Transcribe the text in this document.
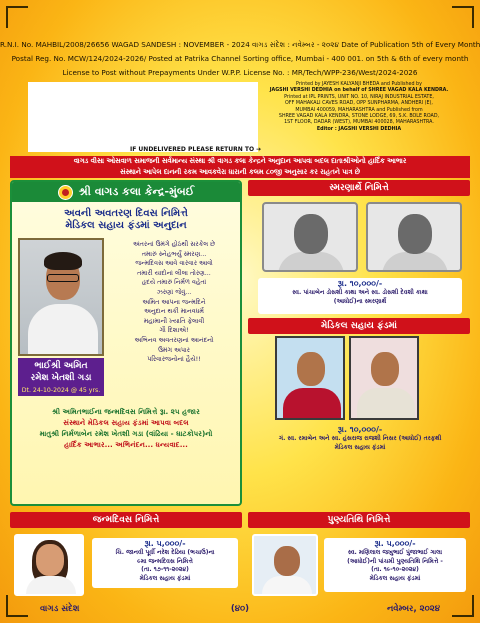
R.N.I. No. MAHBIL/2008/26656 WAGAD SANDESH : NOVEMBER - 2024 વાગડ સંદેશ : નવેમ્બર - ૨૦૨૪ Date of Publication 5th of Every Month
Postal Reg. No. MCW/124/2024-2026/ Posted at Patrika Channel Sorting office, Mumbai - 400 001. on 5th & 6th of every month
License to Post without Prepayments Under W.P.P. License No. : MR/Tech/WPP-236/West/2024-2026
IF UNDELIVERED PLEASE RETURN TO ➔
Printed by JAYESH KALYANJI BHEDA and Published by
JAGSHI VERSHI DEDHIA on behalf of SHREE VAGAD KALA KENDRA.
Printed at IPL PRINTS, UNIT NO. 10, NIRAJ INDUSTRIAL ESTATE,
OFF MAHAKALI CAVES ROAD, OPP SUNPHARMA, ANDHERI (E),
MUMBAI 400059, MAHARASHTRA and Published from
SHREE VAGAD KALA KENDRA, STONE LODGE, 69, S.K. BOLE ROAD,
1ST FLOOR, DADAR (WEST), MUMBAI 400028, MAHARASHTRA.
Editor : JAGSHI VERSHI DEDHIA
વાગડ વીસા ઓસવાળ સમાજની સર્વમાન્ય સંસ્થા શ્રી વાગડ કલા કેન્દ્રને અનુદાન આપવા બદલ દાતાશ્રીઓનો હાર્દિક આભાર
સંસ્થાને આપેલ દાનની રકમ આવકવેરા ધારાની કલમ ૮૦જી અનુસાર કર રાહતને પાત્ર છે
શ્રી વાગડ કલા કેન્દ્ર-મુંબઈ
અવની અવતરણ દિવસ નિમિત્તે
મેડિકલ સહાય ફંડમાં અનુદાન
ભાઈશ્રી અમિત
રમેશ ખેતશી ગડા
Dt. 24-10-2024 @ 45 yrs.
અંતરનાં ઉમંગે હોઠથી સરકેલ છે
તમારું સ્નેહભર્યું સ્મરણ...
જન્મદિવસ આવે વારંવાર આવો
તમારી યાદોનાં લીલા તોરણ...
હૃદયે તમારું નિર્મળ વહેતાં
ઝરણાં જેવું...
અમિત આપના જન્મદિને
અનુદાન થકી માનવધર્મ
મહામાની ખ્યાતિ ફેલાવી
ગૌ દિશાએ!
અભિનવ અવતરણનાં આનંદનો
ઉમંગ અપાર
પરિવારજનોનાં હૈયે!!
શ્રી અમિતભાઈના જન્મદિવસ નિમિત્તે રૂા. ૨૫ હજાર
સંસ્થાને મેડિકલ સહાય ફંડમાં આપવા બદલ
માતુશ્રી નિર્મળાબેન રમેશ ખેતશી ગડા (વાંઢિયા - ઘાટકોપર)નો
હાર્દિક આભાર... અભિનંદન... ધન્યવાદ...
સ્મરણાર્થે નિમિત્તે
રૂા. ૧૦,૦૦૦/-
સ્વ. પાંચાબેન ડોસશી કાથા અને સ્વ. ડોસશી દેવશી કાથા
(આધોઈ)ના સ્મરણાર્થે
મેડિકલ સહાય ફંડમાં
રૂા. ૧૦,૦૦૦/-
ગં. સ્વ. રમાબેન અને સ્વ. હંસરાજ રાજશી નિસર (આધોઈ) તરફથી
મેડિકલ સહાય ફંડમાં
જન્મદિવસ નિમિત્તે
રૂા. ૫,૦૦૦/-
ચિ. જાનવી પૂર્વી નરેશ દેઢિયા (ભચાઉ)ના
૯મા જન્મદિવસ નિમિત્તે
(તા. ૧૭-૧૧-૨૦૨૪)
મેડિકલ સહાય ફંડમાં
પુણ્યતિથિ નિમિત્તે
રૂા. ૫,૦૦૦/-
સ્વ. મણિલાલ જખુભાઈ પુંજાભાઈ ગાલા
(આધોઈ)ની પાંચમી પુણ્યતિથિ નિમિત્તે -
(તા. ૧૯-૧૦-૨૦૨૪)
મેડિકલ સહાય ફંડમાં
વાગડ સંદેશ	(૪૦)	નવેમ્બર, ૨૦૨૪
